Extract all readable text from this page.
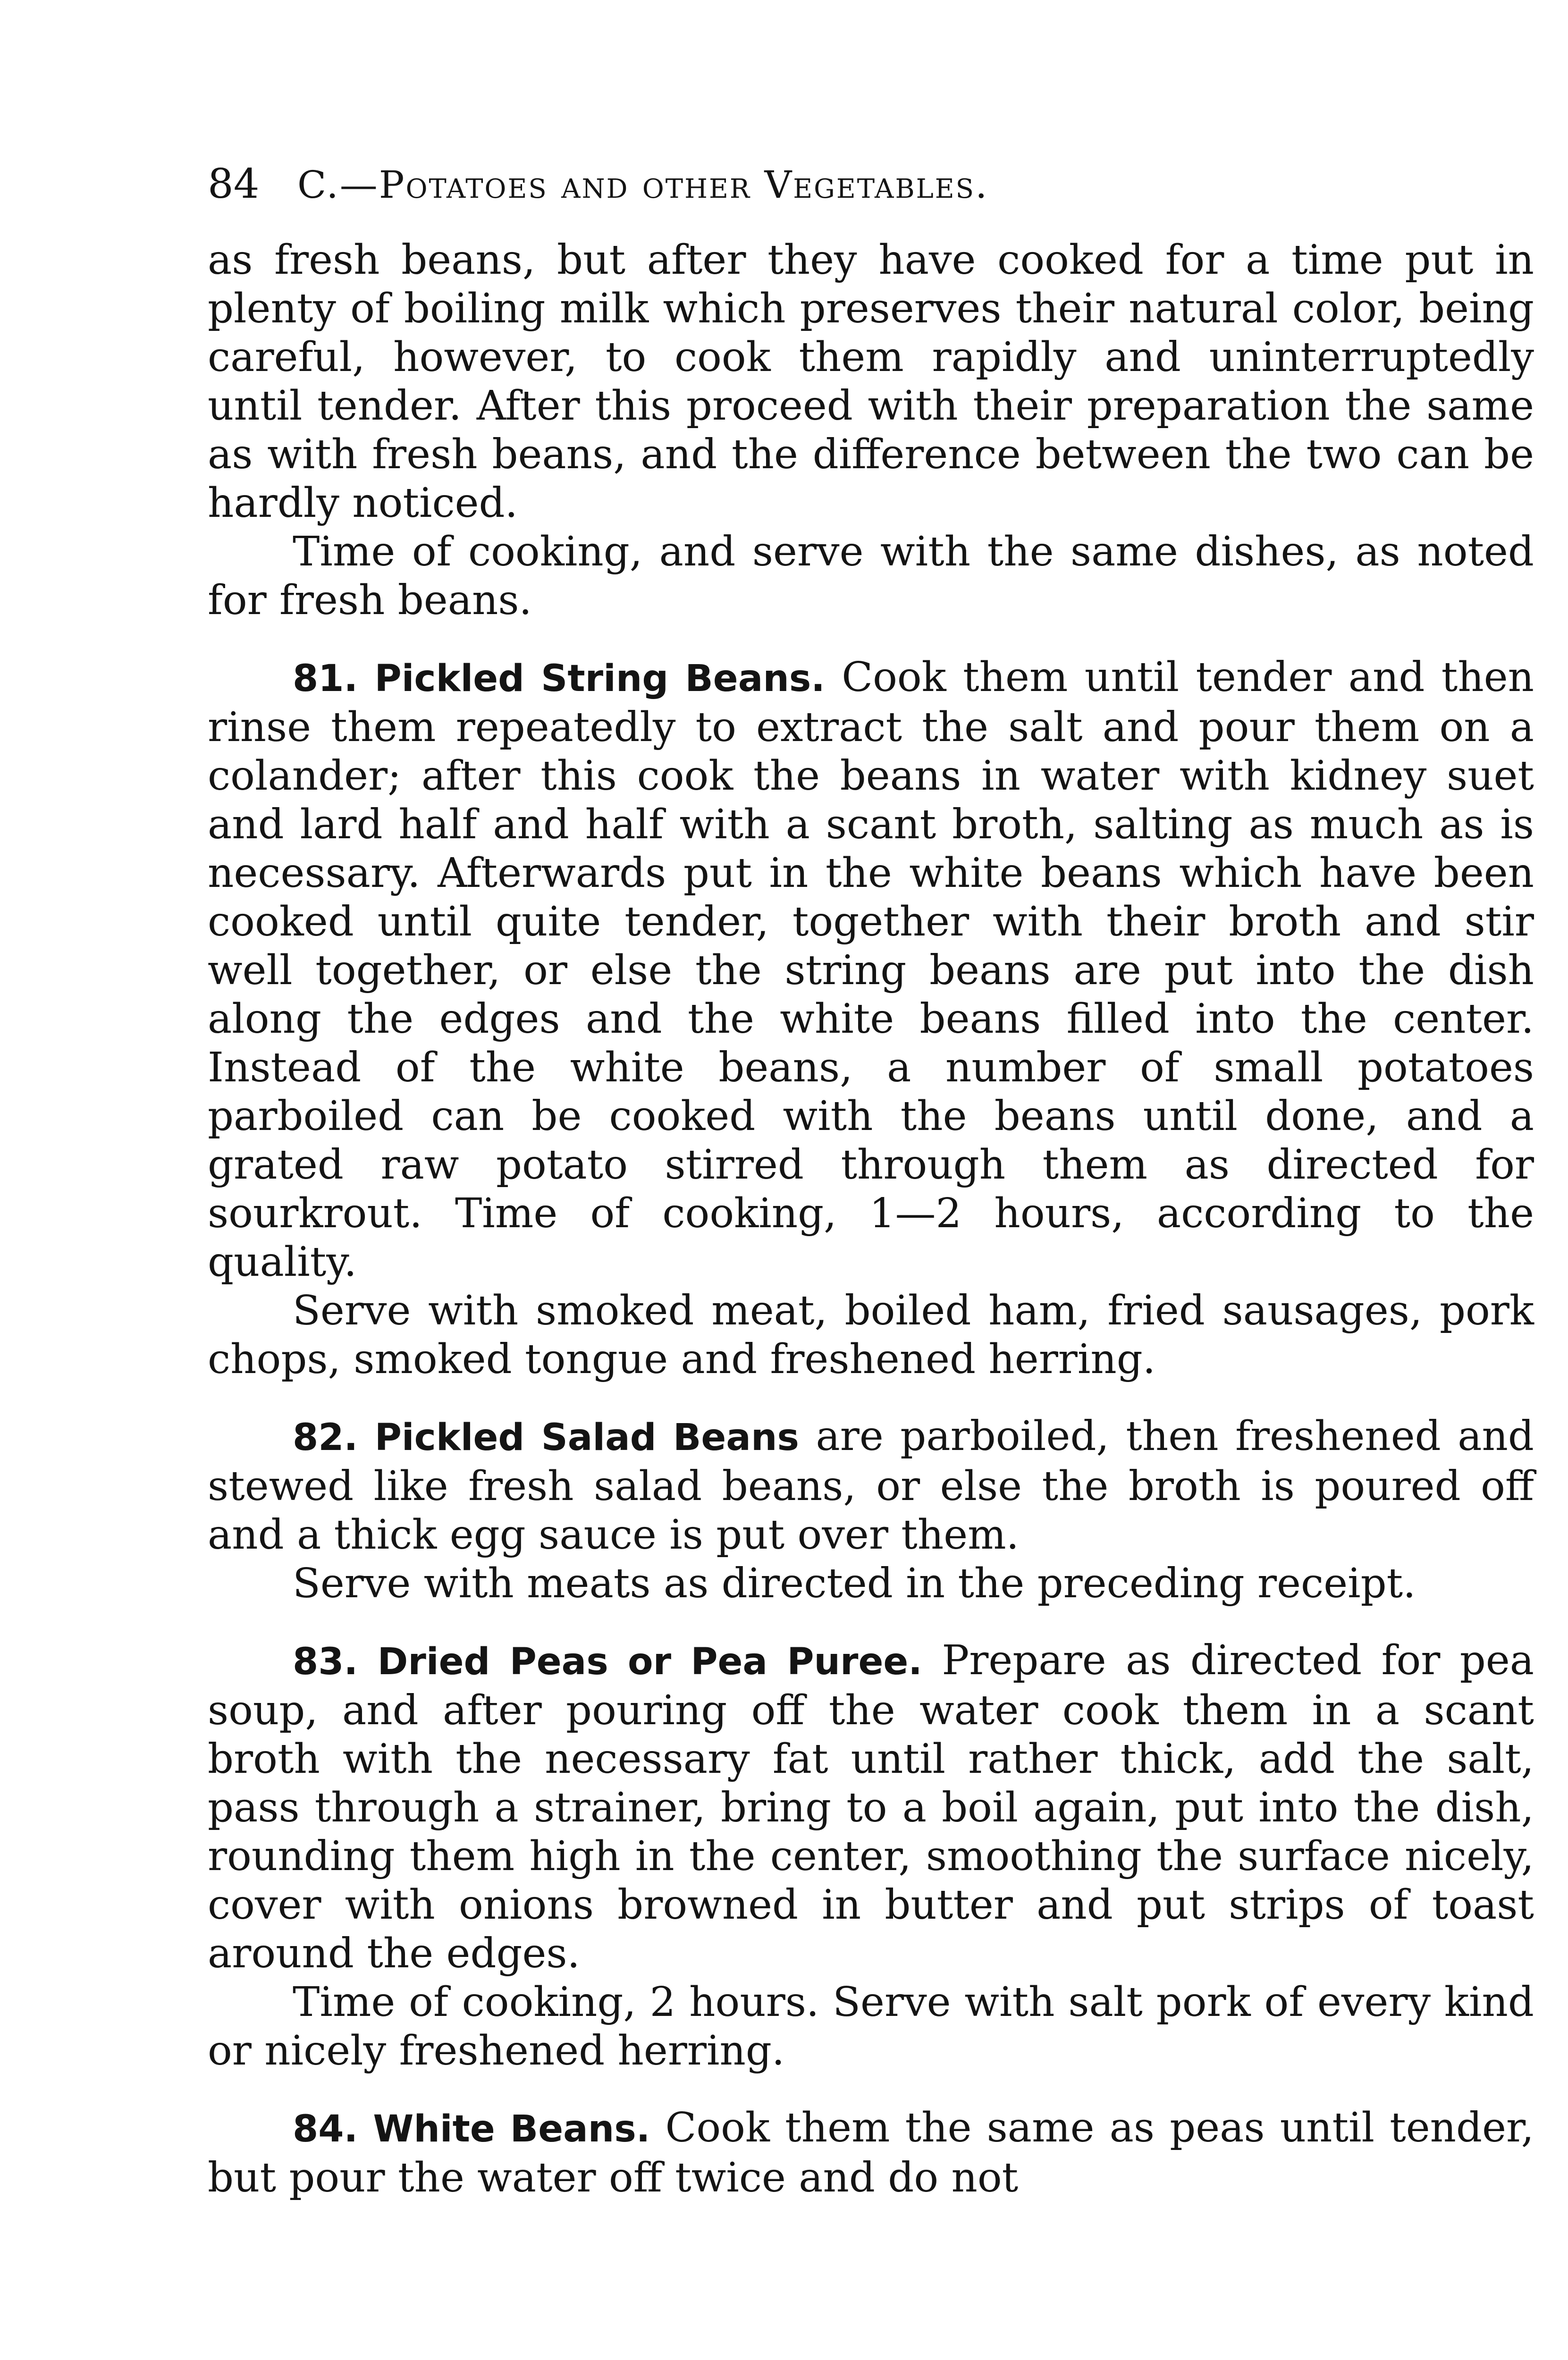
84	C.—Potatoes and other Vegetables.

as fresh beans, but after they have cooked for a time put in plenty of boiling milk which preserves their natural color, being careful, however, to cook them rapidly and uninterruptedly until tender. After this proceed with their preparation the same as with fresh beans, and the difference between the two can be hardly noticed.

Time of cooking, and serve with the same dishes, as noted for fresh beans.

81. Pickled String Beans. Cook them until tender and then rinse them repeatedly to extract the salt and pour them on a colander; after this cook the beans in water with kidney suet and lard half and half with a scant broth, salting as much as is necessary. Afterwards put in the white beans which have been cooked until quite tender, together with their broth and stir well together, or else the string beans are put into the dish along the edges and the white beans filled into the center. Instead of the white beans, a number of small potatoes parboiled can be cooked with the beans until done, and a grated raw potato stirred through them as directed for sourkrout. Time of cooking, 1—2 hours, according to the quality.

Serve with smoked meat, boiled ham, fried sausages, pork chops, smoked tongue and freshened herring.

82. Pickled Salad Beans are parboiled, then freshened and stewed like fresh salad beans, or else the broth is poured off and a thick egg sauce is put over them.

Serve with meats as directed in the preceding receipt.

83. Dried Peas or Pea Puree. Prepare as directed for pea soup, and after pouring off the water cook them in a scant broth with the necessary fat until rather thick, add the salt, pass through a strainer, bring to a boil again, put into the dish, rounding them high in the center, smoothing the surface nicely, cover with onions browned in butter and put strips of toast around the edges.

Time of cooking, 2 hours. Serve with salt pork of every kind or nicely freshened herring.

84. White Beans. Cook them the same as peas until tender, but pour the water off twice and do not
